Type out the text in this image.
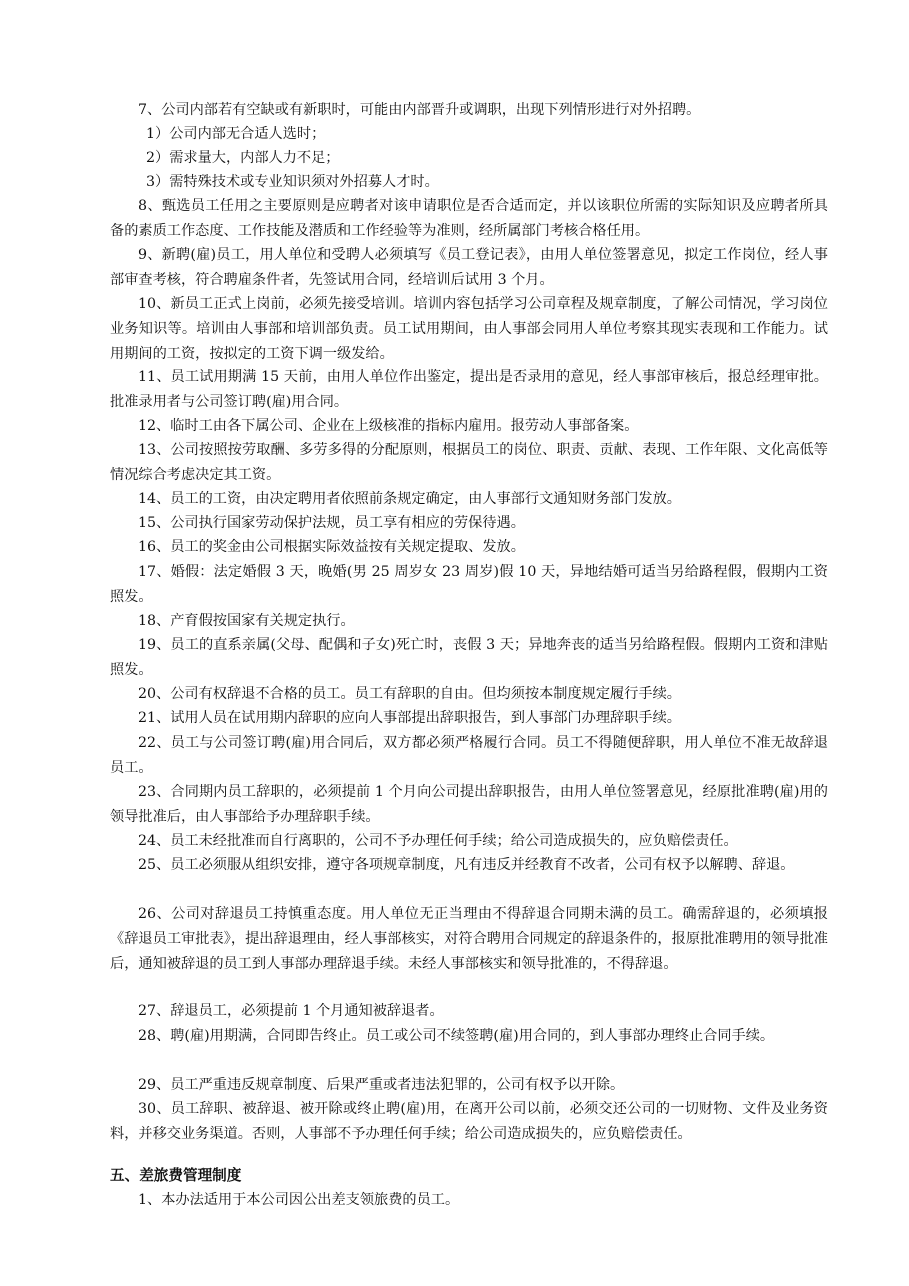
7、公司内部若有空缺或有新职时，可能由内部晋升或调职，出现下列情形进行对外招聘。

1）公司内部无合适人选时；

2）需求量大，内部人力不足；

3）需特殊技术或专业知识须对外招募人才时。

8、甄选员工任用之主要原则是应聘者对该申请职位是否合适而定，并以该职位所需的实际知识及应聘者所具备的素质工作态度、工作技能及潜质和工作经验等为准则，经所属部门考核合格任用。

9、新聘(雇)员工，用人单位和受聘人必须填写《员工登记表》，由用人单位签署意见，拟定工作岗位，经人事部审查考核，符合聘雇条件者，先签试用合同，经培训后试用 3 个月。

10、新员工正式上岗前，必须先接受培训。培训内容包括学习公司章程及规章制度，了解公司情况，学习岗位业务知识等。培训由人事部和培训部负责。员工试用期间，由人事部会同用人单位考察其现实表现和工作能力。试用期间的工资，按拟定的工资下调一级发给。

11、员工试用期满 15 天前，由用人单位作出鉴定，提出是否录用的意见，经人事部审核后，报总经理审批。批准录用者与公司签订聘(雇)用合同。

12、临时工由各下属公司、企业在上级核准的指标内雇用。报劳动人事部备案。

13、公司按照按劳取酬、多劳多得的分配原则，根据员工的岗位、职责、贡献、表现、工作年限、文化高低等情况综合考虑决定其工资。

14、员工的工资，由决定聘用者依照前条规定确定，由人事部行文通知财务部门发放。

15、公司执行国家劳动保护法规，员工享有相应的劳保待遇。

16、员工的奖金由公司根据实际效益按有关规定提取、发放。

17、婚假：法定婚假 3 天，晚婚(男 25 周岁女 23 周岁)假 10 天，异地结婚可适当另给路程假，假期内工资照发。

18、产育假按国家有关规定执行。

19、员工的直系亲属(父母、配偶和子女)死亡时，丧假 3 天；异地奔丧的适当另给路程假。假期内工资和津贴照发。

20、公司有权辞退不合格的员工。员工有辞职的自由。但均须按本制度规定履行手续。

21、试用人员在试用期内辞职的应向人事部提出辞职报告，到人事部门办理辞职手续。

22、员工与公司签订聘(雇)用合同后，双方都必须严格履行合同。员工不得随便辞职，用人单位不准无故辞退员工。

23、合同期内员工辞职的，必须提前 1 个月向公司提出辞职报告，由用人单位签署意见，经原批准聘(雇)用的领导批准后，由人事部给予办理辞职手续。

24、员工未经批准而自行离职的，公司不予办理任何手续；给公司造成损失的，应负赔偿责任。

25、员工必须服从组织安排，遵守各项规章制度，凡有违反并经教育不改者，公司有权予以解聘、辞退。

26、公司对辞退员工持慎重态度。用人单位无正当理由不得辞退合同期未满的员工。确需辞退的，必须填报《辞退员工审批表》，提出辞退理由，经人事部核实，对符合聘用合同规定的辞退条件的，报原批准聘用的领导批准后，通知被辞退的员工到人事部办理辞退手续。未经人事部核实和领导批准的，不得辞退。

27、辞退员工，必须提前 1 个月通知被辞退者。

28、聘(雇)用期满，合同即告终止。员工或公司不续签聘(雇)用合同的，到人事部办理终止合同手续。

29、员工严重违反规章制度、后果严重或者违法犯罪的，公司有权予以开除。

30、员工辞职、被辞退、被开除或终止聘(雇)用，在离开公司以前，必须交还公司的一切财物、文件及业务资料，并移交业务渠道。否则，人事部不予办理任何手续；给公司造成损失的，应负赔偿责任。

五、差旅费管理制度

1、本办法适用于本公司因公出差支领旅费的员工。
